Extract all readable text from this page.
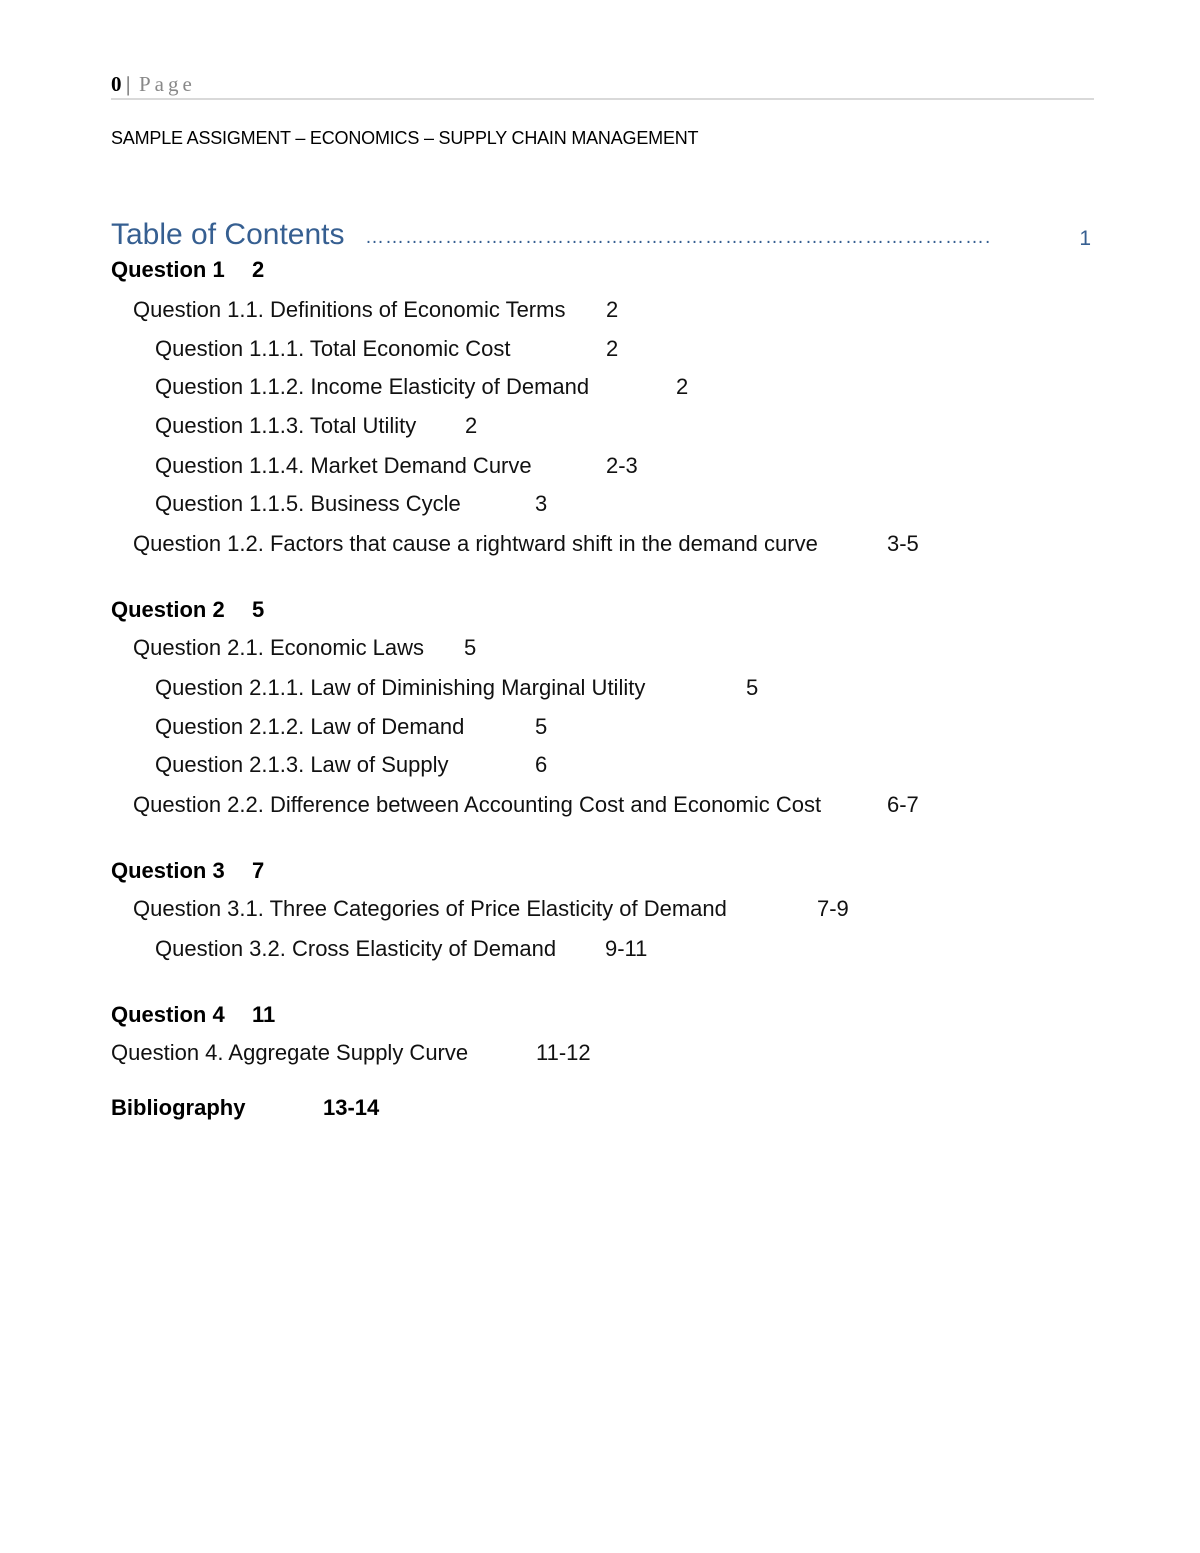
0 | Page
SAMPLE ASSIGMENT – ECONOMICS – SUPPLY CHAIN MANAGEMENT
Table of Contents ………………………………………………………………………………….	1
Question 1 2
Question 1.1. Definitions of Economic Terms 2
Question 1.1.1. Total Economic Cost	2
Question 1.1.2. Income Elasticity of Demand	2
Question 1.1.3. Total Utility 2
Question 1.1.4. Market Demand Curve	2-3
Question 1.1.5. Business Cycle	3
Question 1.2. Factors that cause a rightward shift in the demand curve	3-5
Question 2 5
Question 2.1. Economic Laws 5
Question 2.1.1. Law of Diminishing Marginal Utility	5
Question 2.1.2. Law of Demand	5
Question 2.1.3. Law of Supply	6
Question 2.2. Difference between Accounting Cost and Economic Cost	6-7
Question 3 7
Question 3.1. Three Categories of Price Elasticity of Demand	7-9
Question 3.2. Cross Elasticity of Demand 9-11
Question 4 11
Question 4. Aggregate Supply Curve	11-12
Bibliography	13-14
